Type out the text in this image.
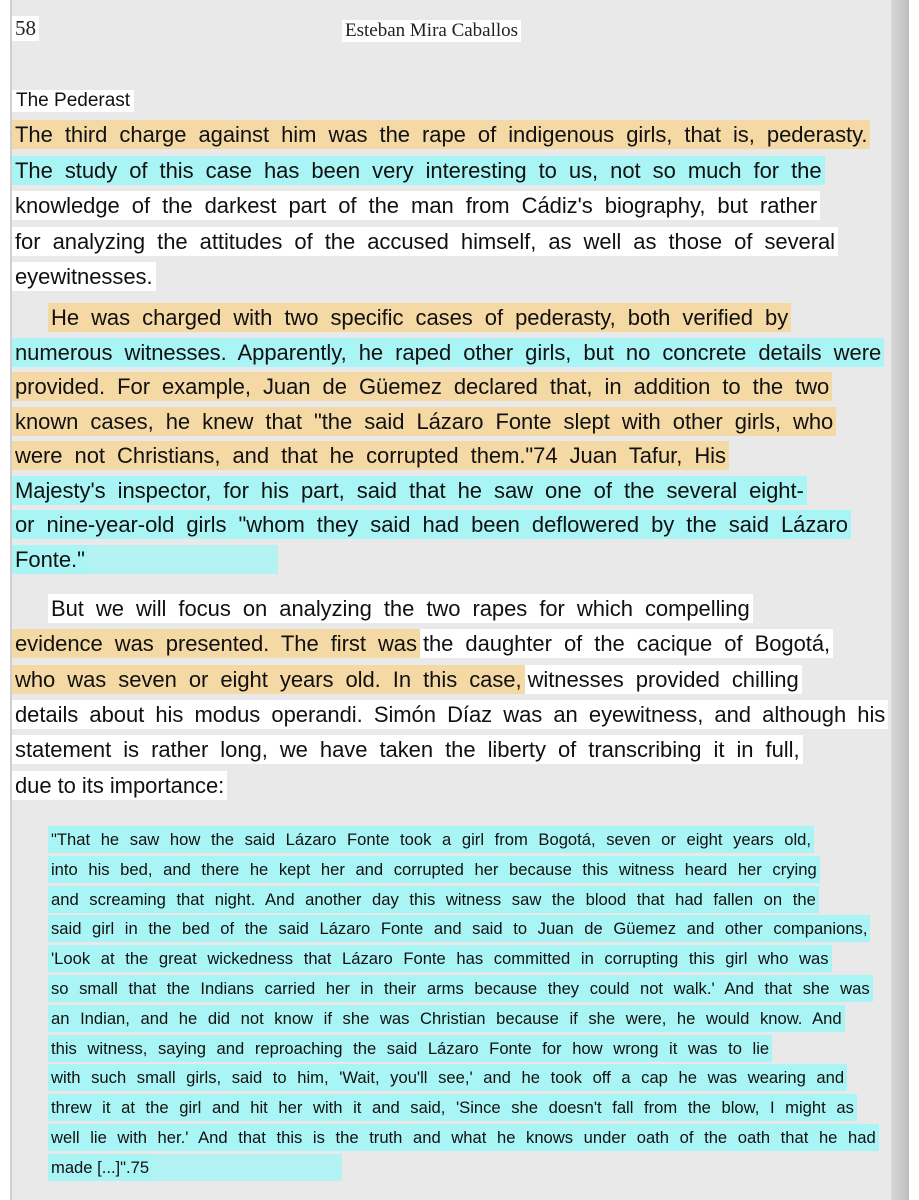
58	Esteban Mira Caballos
The Pederast
The third charge against him was the rape of indigenous girls, that is, pederasty.
The study of this case has been very interesting to us, not so much for the
knowledge of the darkest part of the man from Cádiz's biography, but rather
for analyzing the attitudes of the accused himself, as well as those of several
eyewitnesses.
He was charged with two specific cases of pederasty, both verified by
numerous witnesses. Apparently, he raped other girls, but no concrete details were
provided. For example, Juan de Güemez declared that, in addition to the two
known cases, he knew that "the said Lázaro Fonte slept with other girls, who
were not Christians, and that he corrupted them."74 Juan Tafur, His
Majesty's inspector, for his part, said that he saw one of the several eight-
or nine-year-old girls "whom they said had been deflowered by the said Lázaro
Fonte."
But we will focus on analyzing the two rapes for which compelling
evidence was presented. The first wasthe daughter of the cacique of Bogotá,
who was seven or eight years old. In this case,witnesses provided chilling
details about his modus operandi. Simón Díaz was an eyewitness, and although his
statement is rather long, we have taken the liberty of transcribing it in full,
due to its importance:
"That he saw how the said Lázaro Fonte took a girl from Bogotá, seven or eight years old,
into his bed, and there he kept her and corrupted her because this witness heard her crying
and screaming that night. And another day this witness saw the blood that had fallen on the
said girl in the bed of the said Lázaro Fonte and said to Juan de Güemez and other companions,
'Look at the great wickedness that Lázaro Fonte has committed in corrupting this girl who was
so small that the Indians carried her in their arms because they could not walk.' And that she was
an Indian, and he did not know if she was Christian because if she were, he would know. And
this witness, saying and reproaching the said Lázaro Fonte for how wrong it was to lie
with such small girls, said to him, 'Wait, you'll see,' and he took off a cap he was wearing and
threw it at the girl and hit her with it and said, 'Since she doesn't fall from the blow, I might as
well lie with her.' And that this is the truth and what he knows under oath of the oath that he had
made [...]".75
